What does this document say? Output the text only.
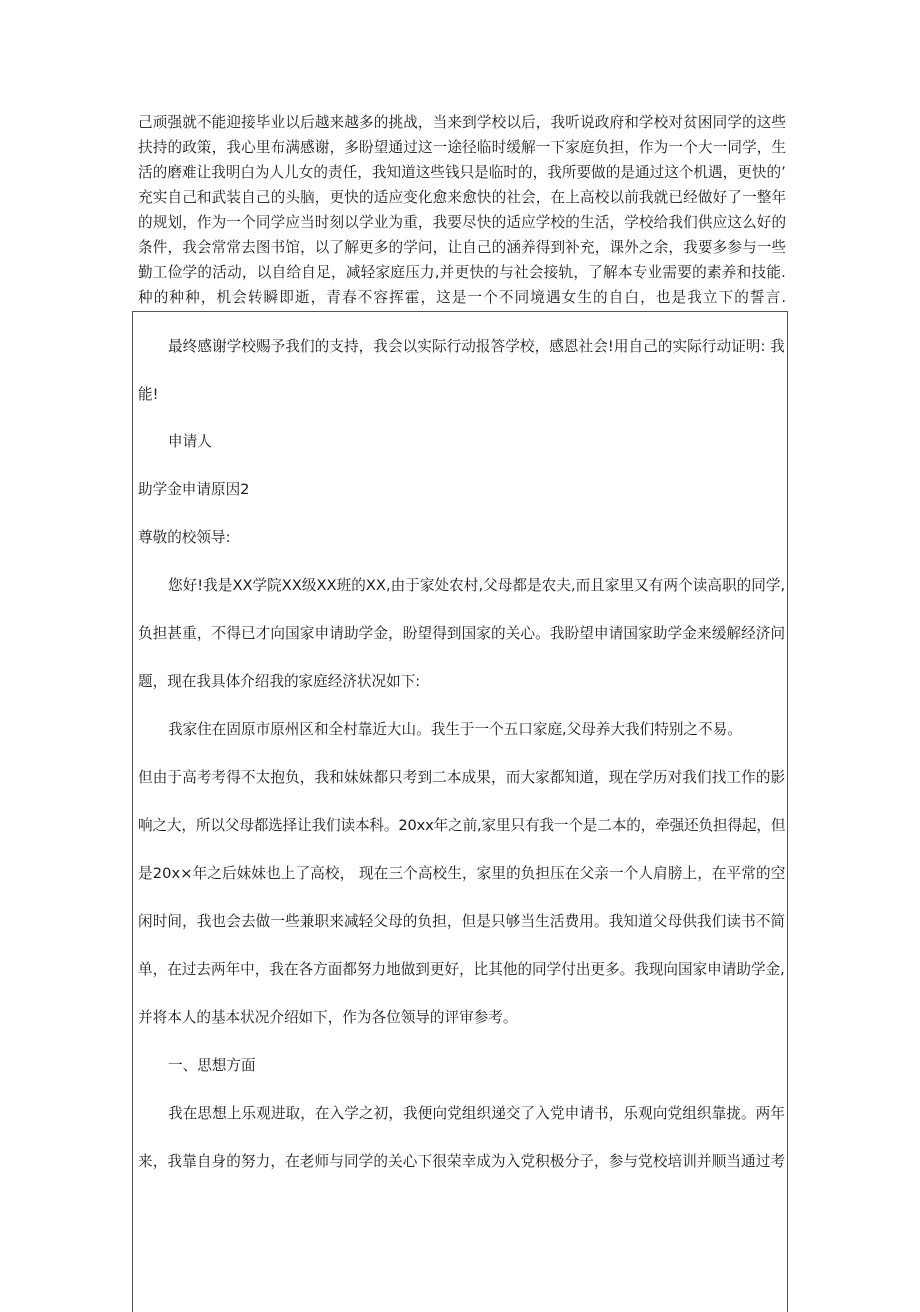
己顽强就不能迎接毕业以后越来越多的挑战，当来到学校以后，我听说政府和学校对贫困同学的这些
扶持的政策，我心里布满感谢，多盼望通过这一途径临时缓解一下家庭负担，作为一个大一同学，生
活的磨难让我明白为人儿女的责任，我知道这些钱只是临时的，我所要做的是通过这个机遇，更快的’
充实自己和武装自己的头脑，更快的适应变化愈来愈快的社会，在上高校以前我就已经做好了一整年
的规划，作为一个同学应当时刻以学业为重，我要尽快的适应学校的生活，学校给我们供应这么好的
条件，我会常常去图书馆，以了解更多的学问，让自己的涵养得到补充，课外之余，我要多参与一些
勤工俭学的活动，以自给自足，减轻家庭压力,并更快的与社会接轨，了解本专业需要的素养和技能.
种的种种，机会转瞬即逝，青春不容挥霍，这是一个不同境遇女生的自白，也是我立下的誓言.
最终感谢学校赐予我们的支持，我会以实际行动报答学校，感恩社会!用自己的实际行动证明: 我
能!
申请人
助学金申请原因2
尊敬的校领导:
您好!我是XX学院XX级XX班的XX,由于家处农村,父母都是农夫,而且家里又有两个读高职的同学,
负担甚重，不得已才向国家申请助学金，盼望得到国家的关心。我盼望申请国家助学金来缓解经济问
题，现在我具体介绍我的家庭经济状况如下:
我家住在固原市原州区和全村靠近大山。我生于一个五口家庭,父母养大我们特别之不易。
但由于高考考得不太抱负，我和妹妹都只考到二本成果，而大家都知道，现在学历对我们找工作的影
响之大，所以父母都选择让我们读本科。20xx年之前,家里只有我一个是二本的，牵强还负担得起，但
是20x×年之后妹妹也上了高校， 现在三个高校生，家里的负担压在父亲一个人肩膀上，在平常的空
闲时间，我也会去做一些兼职来减轻父母的负担，但是只够当生活费用。我知道父母供我们读书不简
单，在过去两年中，我在各方面都努力地做到更好，比其他的同学付出更多。我现向国家申请助学金,
并将本人的基本状况介绍如下，作为各位领导的评审参考。
一、思想方面
我在思想上乐观进取，在入学之初，我便向党组织递交了入党申请书，乐观向党组织靠拢。两年
来，我靠自身的努力，在老师与同学的关心下很荣幸成为入党积极分子，参与党校培训并顺当通过考
